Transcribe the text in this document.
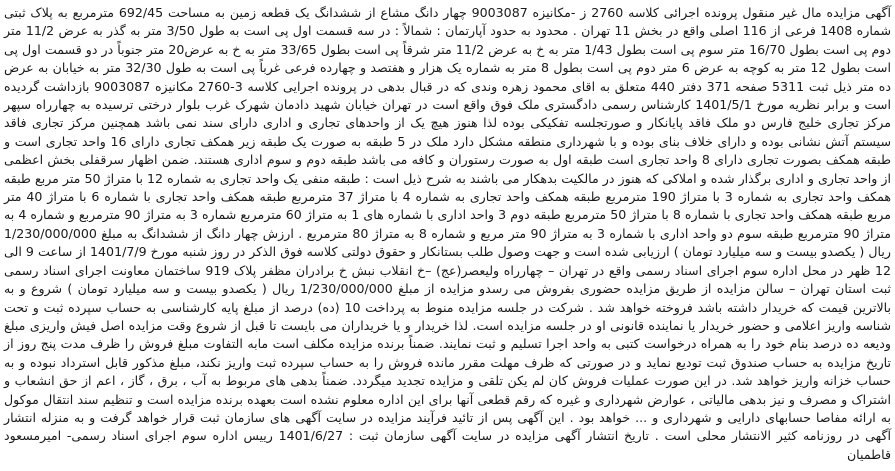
آگهی مزایده مال غیر منقول پرونده اجرائی کلاسه 2760 ز -مکانیزه 9003087 چهار دانگ مشاع از ششدانگ یک قطعه زمین به مساحت 692/45 مترمربع به پلاک ثبتی شماره 1408 فرعی از 116 اصلی واقع در بخش 11 تهران . محدود به حدود آپارتمان : شمالاً : در سه قسمت اول پی است به طول 3/50 متر به گذر به عرض 11/2 متر دوم پی است بطول 16/70 متر سوم پی است بطول 1/43 متر به خ به عرض 11/2 متر شرقاً پی است بطول 33/65 متر به خ به عرض20 متر جنوباً در دو قسمت اول پی است بطول 12 متر به کوچه به عرض 6 متر دوم پی است بطول 8 متر به شماره یک هزار و هفتصد و چهارده فرعی غرباً پی است به طول 32/30 متر به خیابان به عرض ده متر ذیل ثبت 5311 صفحه 371 دفتر 440 متعلق به اقای محمود زهره وندی که در قبال بدهی در پرونده اجرایی کلاسه 3-2760 مکانیزه 9003087 بازداشت گردیده است و برابر نظریه مورخ 1401/5/1 کارشناس رسمی دادگستری ملک فوق واقع است در تهران خیابان شهید دادمان شهرک غرب بلوار درختی ترسیده به چهارراه سپهر مرکز تجاری خلیج فارس دو ملک فاقد پایانکار و صورتجلسه تفکیکی بوده لذا هنوز هیچ یک از واحدهای تجاری و اداری دارای سند نمی باشد همچنین مرکز تجاری فاقد سیستم آتش نشانی بوده و دارای خلاف بنای بوده و با شهرداری منطقه مشکل دارد ملک در 5 طبقه به صورت یک طبقه زیر همکف تجاری دارای 16 واحد تجاری است و طبقه همکف بصورت تجاری دارای 8 واحد تجاری است طبقه اول به صورت رستوران و کافه می باشد طبقه دوم و سوم اداری هستند. ضمن اظهار سرقفلی بخش اعظمی از واحد تجاری و اداری برگذار شده و املاکی که هنوز در مالکیت بدهکار می باشند به شرح ذیل است : طبقه منفی یک واحد تجاری به شماره 12 با متراژ 50 متر مربع طبقه همکف واحد تجاری به شماره 3 با متراژ 190 مترمربع طبقه همکف واحد تجاری به شماره 4 با متراژ 37 مترمربع طبقه همکف واحد تجاری با شماره 6 با متراژ 40 متر مربع طبقه همکف واحد تجاری با شماره 8 با متراژ 50 مترمربع طبقه دوم 3 واحد اداری با شماره های 1 به متراژ 60 مترمربع شماره 3 به متراژ 90 مترمربع و شماره 4 به متراژ 90 مترمربع طبقه سوم دو واحد اداری با شماره 3 به متراژ 90 متر مربع و شماره 8 به متراژ 80 مترمربع . ارزش چهار دانگ از ششدانگ به مبلغ 1/230/000/000 ریال ( یکصدو بیست و سه میلیارد تومان ) ارزیابی شده است و جهت وصول طلب بستانکار و حقوق دولتی کلاسه فوق الذکر در روز شنبه مورخ 1401/7/9 از ساعت 9 الی 12 ظهر در محل اداره سوم اجرای اسناد رسمی واقع در تهران – چهارراه ولیعصر(عج) –خ انقلاب نبش خ برادران مظفر پلاک 919 ساختمان معاونت اجرای اسناد رسمی ثبت استان تهران – سالن مزایده از طریق مزایده حضوری بفروش می رسدو مزایده از مبلغ 1/230/000/000 ریال ( یکصدو بیست و سه میلیارد تومان ) شروع و به بالاترین قیمت که خریدار داشته باشد فروخته خواهد شد . شرکت در جلسه مزایده منوط به پرداخت 10 (ده) درصد از مبلغ پایه کارشناسی به حساب سپرده ثبت و تحت شناسه واریز اعلامی و حضور خریدار یا نماینده قانونی او در جلسه مزایده است. لذا خریدار و یا خریداران می بایست تا قبل از شروع وقت مزایده اصل فیش واریزی مبلغ ودیعه ده درصد بنام خود را به همراه درخواست کتبی به واحد اجرا تسلیم و ثبت نمایند. ضمناً برنده مزایده مکلف است مابه التفاوت مبلغ فروش را ظرف مدت پنج روز از تاریخ مزایده به حساب صندوق ثبت تودیع نماید و در صورتی که ظرف مهلت مقرر مانده فروش را به حساب سپرده ثبت واریز نکند، مبلغ مذکور قابل استرداد نبوده و به حساب خزانه واریز خواهد شد. در این صورت عملیات فروش کان لم یکن تلقی و مزایده تجدید میگردد. ضمناً بدهی های مربوط به آب ، برق ، گاز ، اعم از حق انشعاب و اشتراک و مصرف و نیز بدهی مالیاتی ، عوارض شهرداری و غیره که رقم قطعی آنها برای این اداره معلوم نشده است بعهده برنده مزایده است و تنظیم سند انتقال موکول به ارائه مفاصا حسابهای دارایی و شهرداری و ... خواهد بود . این آگهی پس از تائید فرآیند مزایده در سایت آگهی های سازمان ثبت قرار خواهد گرفت و به منزله انتشار آگهی در روزنامه کثیر الانتشار محلی است . تاریخ انتشار آگهی مزایده در سایت آگهی سازمان ثبت : 1401/6/27 رییس اداره سوم اجرای اسناد رسمی- امیرمسعود قاطمیان
